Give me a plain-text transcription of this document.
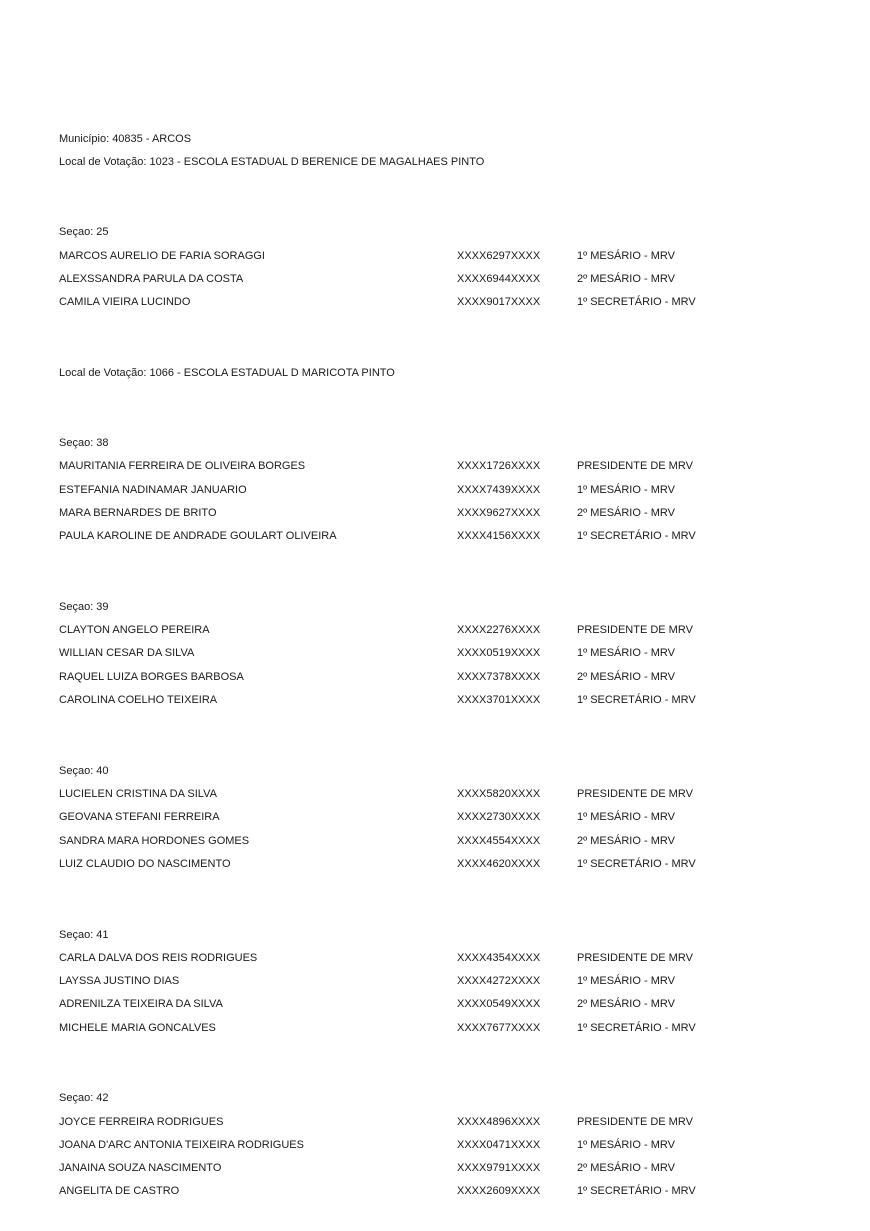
Município: 40835 - ARCOS
Local de Votação: 1023 - ESCOLA ESTADUAL D BERENICE DE MAGALHAES PINTO
Seçao: 25
MARCOS AURELIO DE FARIA SORAGGI	XXXX6297XXXX	1º MESÁRIO - MRV
ALEXSSANDRA PARULA DA COSTA	XXXX6944XXXX	2º MESÁRIO - MRV
CAMILA VIEIRA LUCINDO	XXXX9017XXXX	1º SECRETÁRIO - MRV
Local de Votação: 1066 - ESCOLA ESTADUAL D MARICOTA PINTO
Seçao: 38
MAURITANIA FERREIRA DE OLIVEIRA BORGES	XXXX1726XXXX	PRESIDENTE DE MRV
ESTEFANIA NADINAMAR JANUARIO	XXXX7439XXXX	1º MESÁRIO - MRV
MARA BERNARDES DE BRITO	XXXX9627XXXX	2º MESÁRIO - MRV
PAULA KAROLINE DE ANDRADE GOULART OLIVEIRA	XXXX4156XXXX	1º SECRETÁRIO - MRV
Seçao: 39
CLAYTON ANGELO PEREIRA	XXXX2276XXXX	PRESIDENTE DE MRV
WILLIAN CESAR DA SILVA	XXXX0519XXXX	1º MESÁRIO - MRV
RAQUEL LUIZA BORGES BARBOSA	XXXX7378XXXX	2º MESÁRIO - MRV
CAROLINA COELHO TEIXEIRA	XXXX3701XXXX	1º SECRETÁRIO - MRV
Seçao: 40
LUCIELEN CRISTINA DA SILVA	XXXX5820XXXX	PRESIDENTE DE MRV
GEOVANA STEFANI FERREIRA	XXXX2730XXXX	1º MESÁRIO - MRV
SANDRA MARA HORDONES GOMES	XXXX4554XXXX	2º MESÁRIO - MRV
LUIZ CLAUDIO DO NASCIMENTO	XXXX4620XXXX	1º SECRETÁRIO - MRV
Seçao: 41
CARLA DALVA DOS REIS RODRIGUES	XXXX4354XXXX	PRESIDENTE DE MRV
LAYSSA JUSTINO DIAS	XXXX4272XXXX	1º MESÁRIO - MRV
ADRENILZA TEIXEIRA DA SILVA	XXXX0549XXXX	2º MESÁRIO - MRV
MICHELE MARIA GONCALVES	XXXX7677XXXX	1º SECRETÁRIO - MRV
Seçao: 42
JOYCE FERREIRA RODRIGUES	XXXX4896XXXX	PRESIDENTE DE MRV
JOANA D'ARC ANTONIA TEIXEIRA RODRIGUES	XXXX0471XXXX	1º MESÁRIO - MRV
JANAINA SOUZA NASCIMENTO	XXXX9791XXXX	2º MESÁRIO - MRV
ANGELITA DE CASTRO	XXXX2609XXXX	1º SECRETÁRIO - MRV
